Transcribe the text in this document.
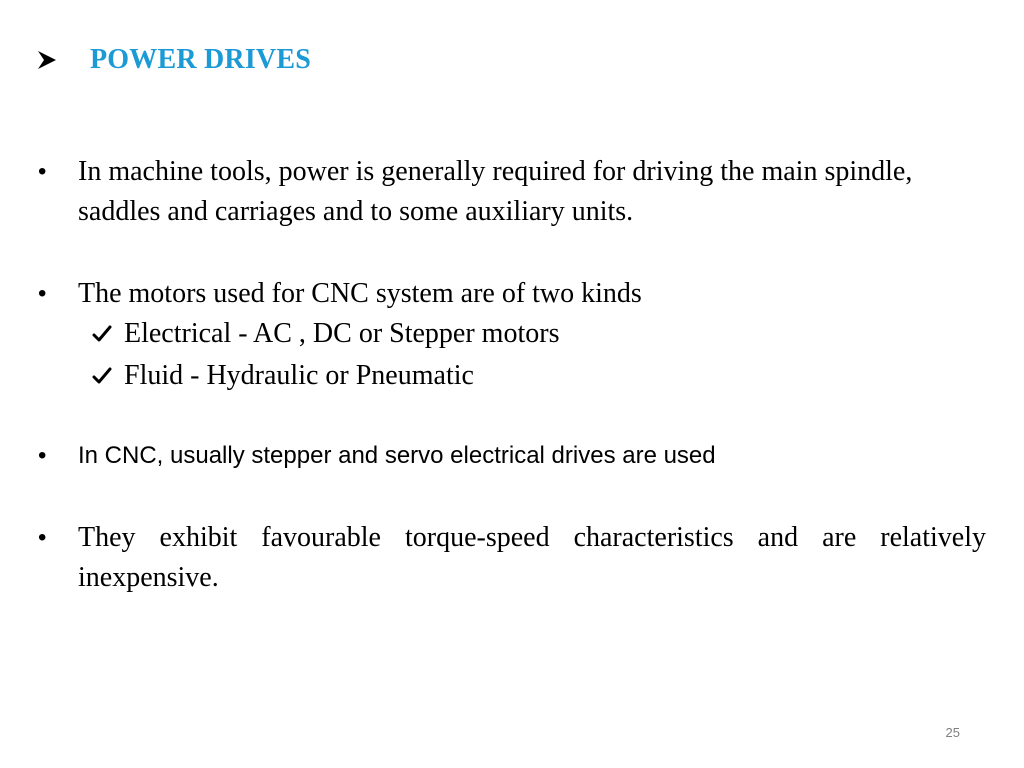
POWER DRIVES
•	In machine tools, power is generally required for driving the main spindle, saddles and carriages and to some auxiliary units.
•	The motors used for CNC system are of two kinds
Electrical - AC , DC or Stepper motors
Fluid - Hydraulic or Pneumatic
•	In CNC, usually stepper and servo electrical drives are used
•	They exhibit favourable torque-speed characteristics and are relatively inexpensive.
25
